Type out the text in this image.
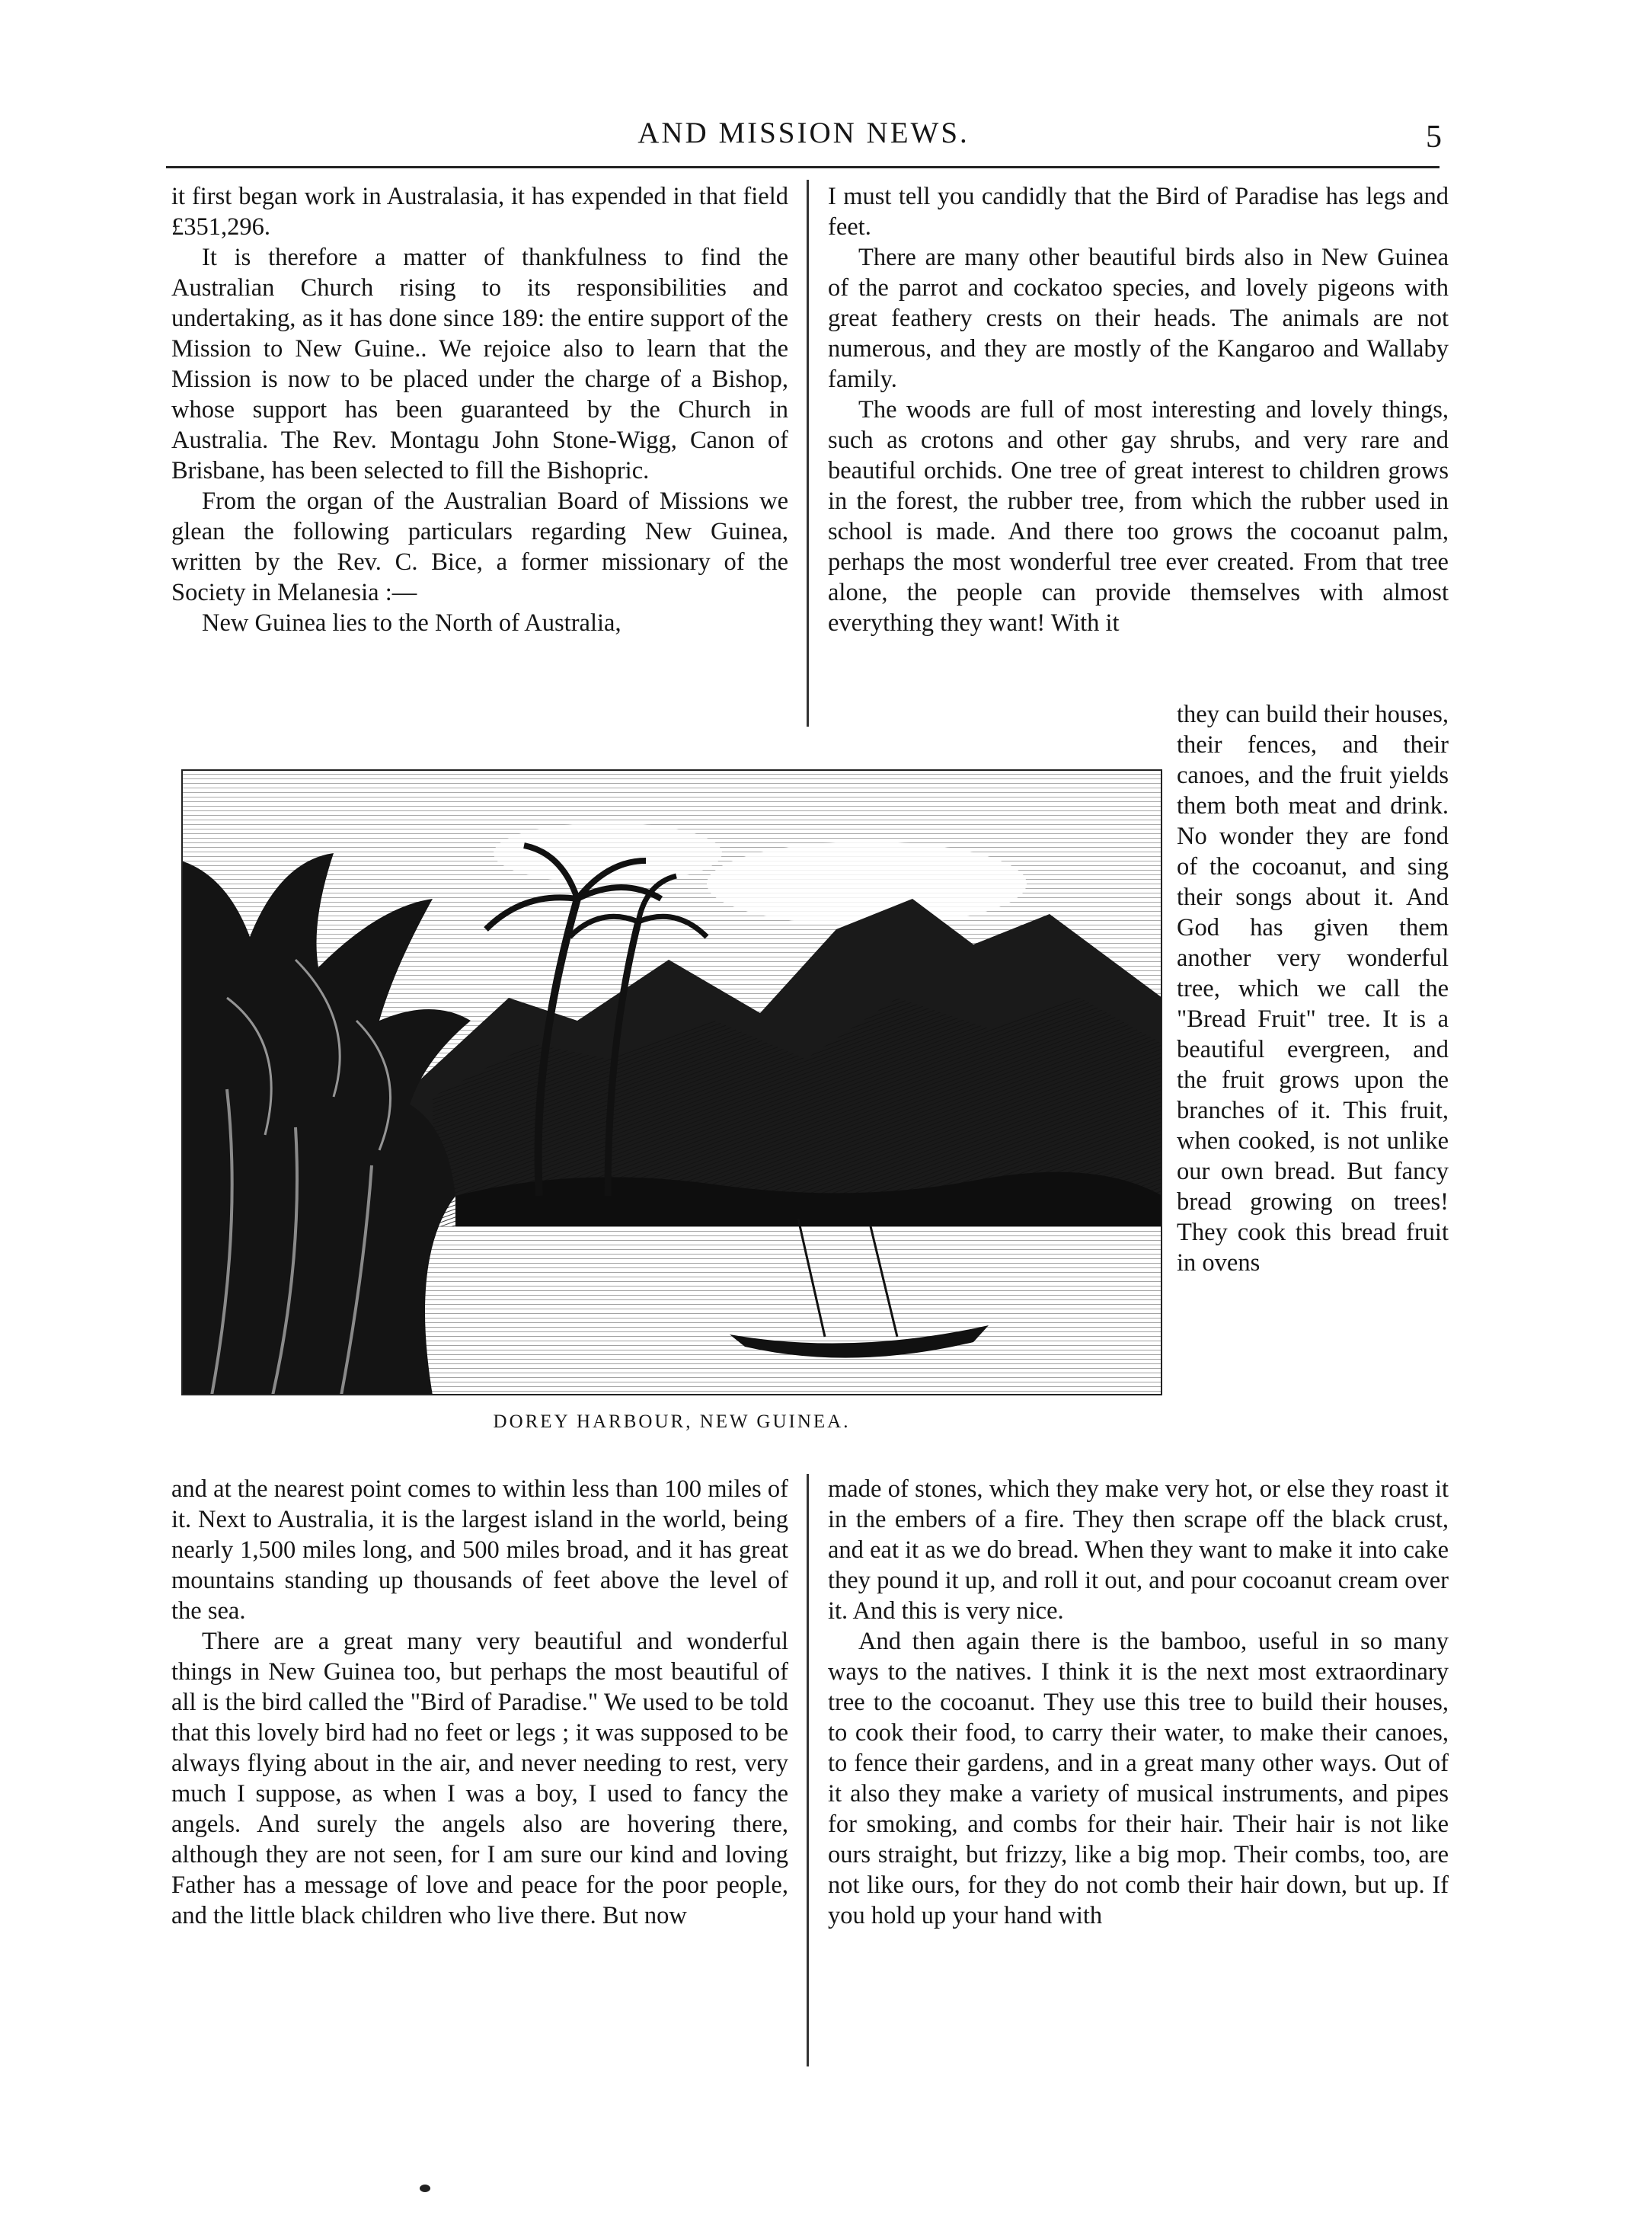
AND MISSION NEWS.	5

it first began work in Australasia, it has expended in that field £351,296.

It is therefore a matter of thankfulness to find the Australian Church rising to its responsibilities and undertaking, as it has done since 189: the entire support of the Mission to New Guine.. We rejoice also to learn that the Mission is now to be placed under the charge of a Bishop, whose support has been guaranteed by the Church in Australia. The Rev. Montagu John Stone-Wigg, Canon of Brisbane, has been selected to fill the Bishopric.

From the organ of the Australian Board of Missions we glean the following particulars regarding New Guinea, written by the Rev. C. Bice, a former missionary of the Society in Melanesia :—

New Guinea lies to the North of Australia,

I must tell you candidly that the Bird of Paradise has legs and feet.

There are many other beautiful birds also in New Guinea of the parrot and cockatoo species, and lovely pigeons with great feathery crests on their heads. The animals are not numerous, and they are mostly of the Kangaroo and Wallaby family.

The woods are full of most interesting and lovely things, such as crotons and other gay shrubs, and very rare and beautiful orchids. One tree of great interest to children grows in the forest, the rubber tree, from which the rubber used in school is made. And there too grows the cocoanut palm, perhaps the most wonderful tree ever created. From that tree alone, the people can provide themselves with almost everything they want! With it

they can build their houses, their fences, and their canoes, and the fruit yields them both meat and drink. No wonder they are fond of the cocoanut, and sing their songs about it. And God has given them another very wonderful tree, which we call the "Bread Fruit" tree. It is a beautiful evergreen, and the fruit grows upon the branches of it. This fruit, when cooked, is not unlike our own bread. But fancy bread growing on trees! They cook this bread fruit in ovens

DOREY HARBOUR, NEW GUINEA.

and at the nearest point comes to within less than 100 miles of it. Next to Australia, it is the largest island in the world, being nearly 1,500 miles long, and 500 miles broad, and it has great mountains standing up thousands of feet above the level of the sea.

There are a great many very beautiful and wonderful things in New Guinea too, but perhaps the most beautiful of all is the bird called the "Bird of Paradise." We used to be told that this lovely bird had no feet or legs ; it was supposed to be always flying about in the air, and never needing to rest, very much I suppose, as when I was a boy, I used to fancy the angels. And surely the angels also are hovering there, although they are not seen, for I am sure our kind and loving Father has a message of love and peace for the poor people, and the little black children who live there. But now

made of stones, which they make very hot, or else they roast it in the embers of a fire. They then scrape off the black crust, and eat it as we do bread. When they want to make it into cake they pound it up, and roll it out, and pour cocoanut cream over it. And this is very nice.

And then again there is the bamboo, useful in so many ways to the natives. I think it is the next most extraordinary tree to the cocoanut. They use this tree to build their houses, to cook their food, to carry their water, to make their canoes, to fence their gardens, and in a great many other ways. Out of it also they make a variety of musical instruments, and pipes for smoking, and combs for their hair. Their hair is not like ours straight, but frizzy, like a big mop. Their combs, too, are not like ours, for they do not comb their hair down, but up. If you hold up your hand with
